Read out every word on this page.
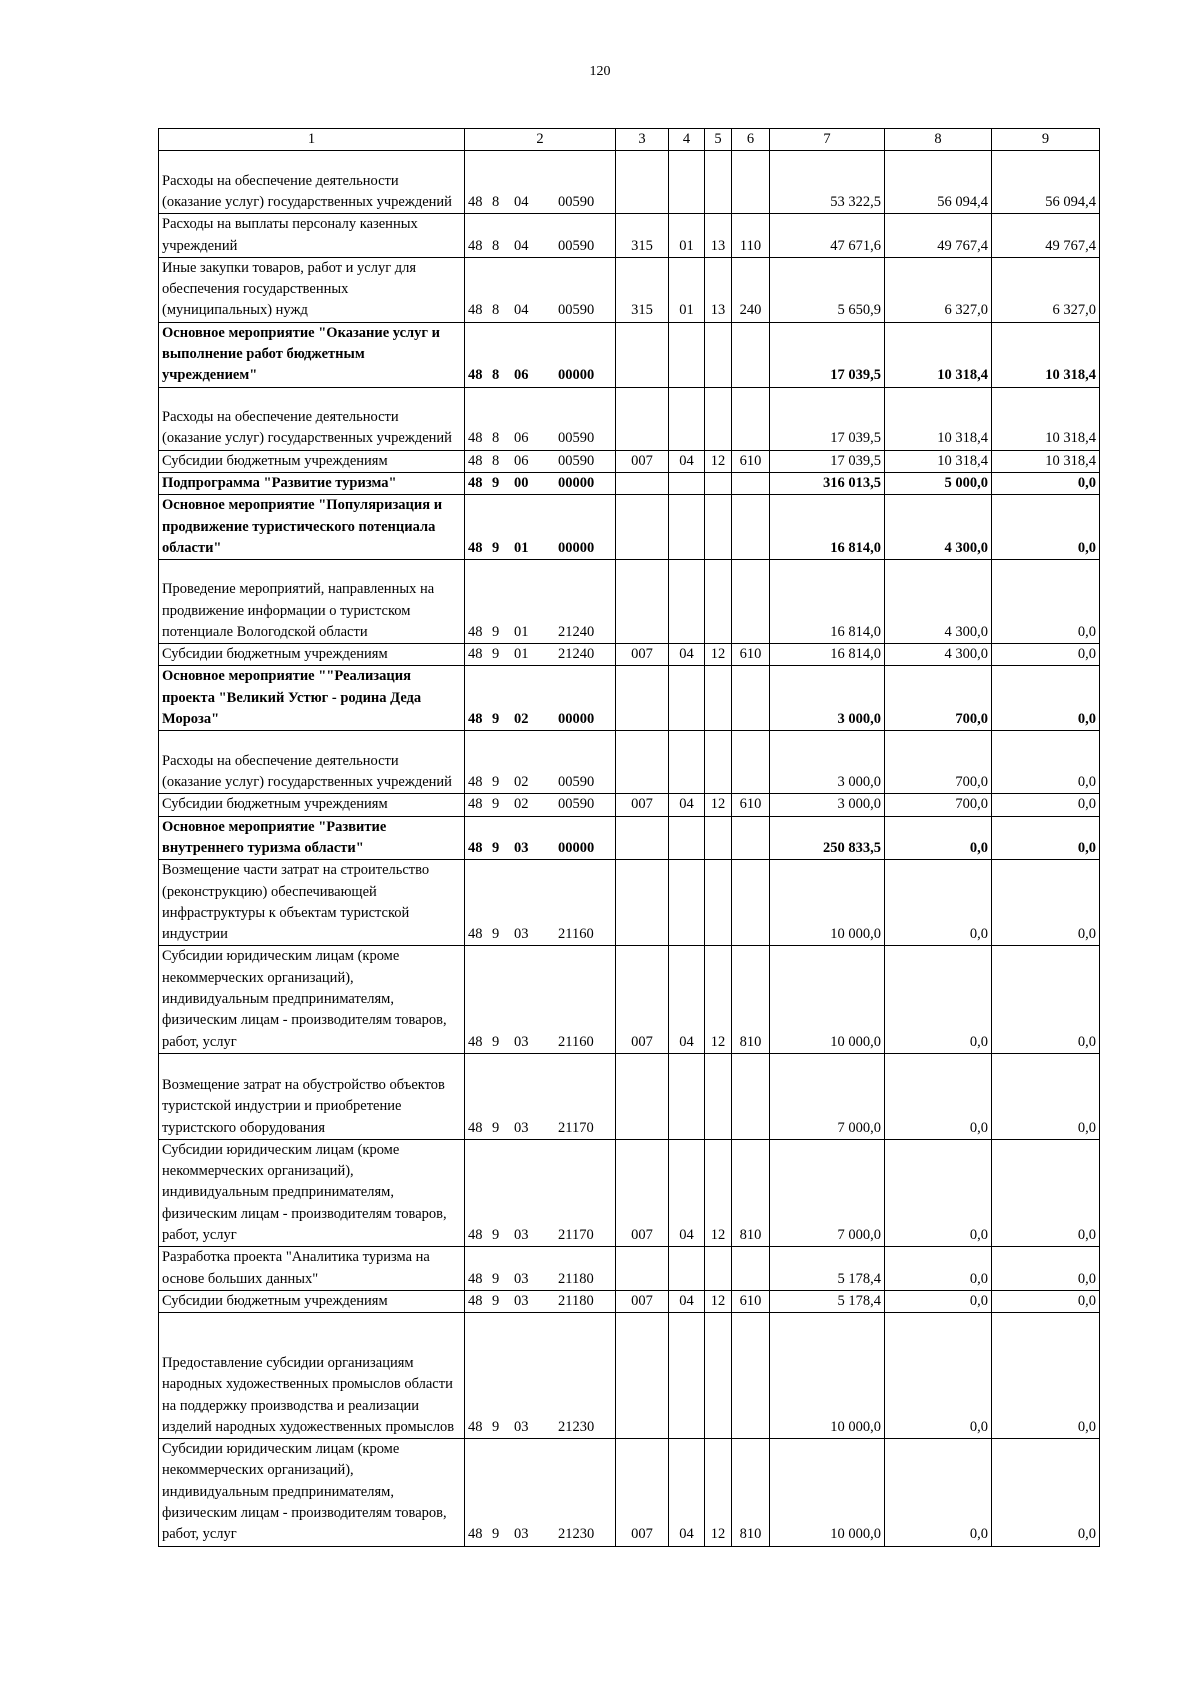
120
1	2	3	4	5	6	7	8	9
Расходы на обеспечение деятельности (оказание услуг) государственных учреждений	48 8 04 00590					53 322,5	56 094,4	56 094,4
Расходы на выплаты персоналу казенных учреждений	48 8 04 00590	315	01	13	110	47 671,6	49 767,4	49 767,4
Иные закупки товаров, работ и услуг для обеспечения государственных (муниципальных) нужд	48 8 04 00590	315	01	13	240	5 650,9	6 327,0	6 327,0
Основное мероприятие "Оказание услуг и выполнение работ бюджетным учреждением"	48 8 06 00000					17 039,5	10 318,4	10 318,4
Расходы на обеспечение деятельности (оказание услуг) государственных учреждений	48 8 06 00590					17 039,5	10 318,4	10 318,4
Субсидии бюджетным учреждениям	48 8 06 00590	007	04	12	610	17 039,5	10 318,4	10 318,4
Подпрограмма "Развитие туризма"	48 9 00 00000					316 013,5	5 000,0	0,0
Основное мероприятие "Популяризация и продвижение туристического потенциала области"	48 9 01 00000					16 814,0	4 300,0	0,0
Проведение мероприятий, направленных на продвижение информации о туристском потенциале Вологодской области	48 9 01 21240					16 814,0	4 300,0	0,0
Субсидии бюджетным учреждениям	48 9 01 21240	007	04	12	610	16 814,0	4 300,0	0,0
Основное мероприятие ""Реализация проекта "Великий Устюг - родина Деда Мороза"	48 9 02 00000					3 000,0	700,0	0,0
Расходы на обеспечение деятельности (оказание услуг) государственных учреждений	48 9 02 00590					3 000,0	700,0	0,0
Субсидии бюджетным учреждениям	48 9 02 00590	007	04	12	610	3 000,0	700,0	0,0
Основное мероприятие "Развитие внутреннего туризма области"	48 9 03 00000					250 833,5	0,0	0,0
Возмещение части затрат на строительство (реконструкцию) обеспечивающей инфраструктуры к объектам туристской индустрии	48 9 03 21160					10 000,0	0,0	0,0
Субсидии юридическим лицам (кроме некоммерческих организаций), индивидуальным предпринимателям, физическим лицам - производителям товаров, работ, услуг	48 9 03 21160	007	04	12	810	10 000,0	0,0	0,0
Возмещение затрат на обустройство объектов туристской индустрии и приобретение туристского оборудования	48 9 03 21170					7 000,0	0,0	0,0
Субсидии юридическим лицам (кроме некоммерческих организаций), индивидуальным предпринимателям, физическим лицам - производителям товаров, работ, услуг	48 9 03 21170	007	04	12	810	7 000,0	0,0	0,0
Разработка проекта "Аналитика туризма на основе больших данных"	48 9 03 21180					5 178,4	0,0	0,0
Субсидии бюджетным учреждениям	48 9 03 21180	007	04	12	610	5 178,4	0,0	0,0
Предоставление субсидии организациям народных художественных промыслов области на поддержку производства и реализации изделий народных художественных промыслов	48 9 03 21230					10 000,0	0,0	0,0
Субсидии юридическим лицам (кроме некоммерческих организаций), индивидуальным предпринимателям, физическим лицам - производителям товаров, работ, услуг	48 9 03 21230	007	04	12	810	10 000,0	0,0	0,0
